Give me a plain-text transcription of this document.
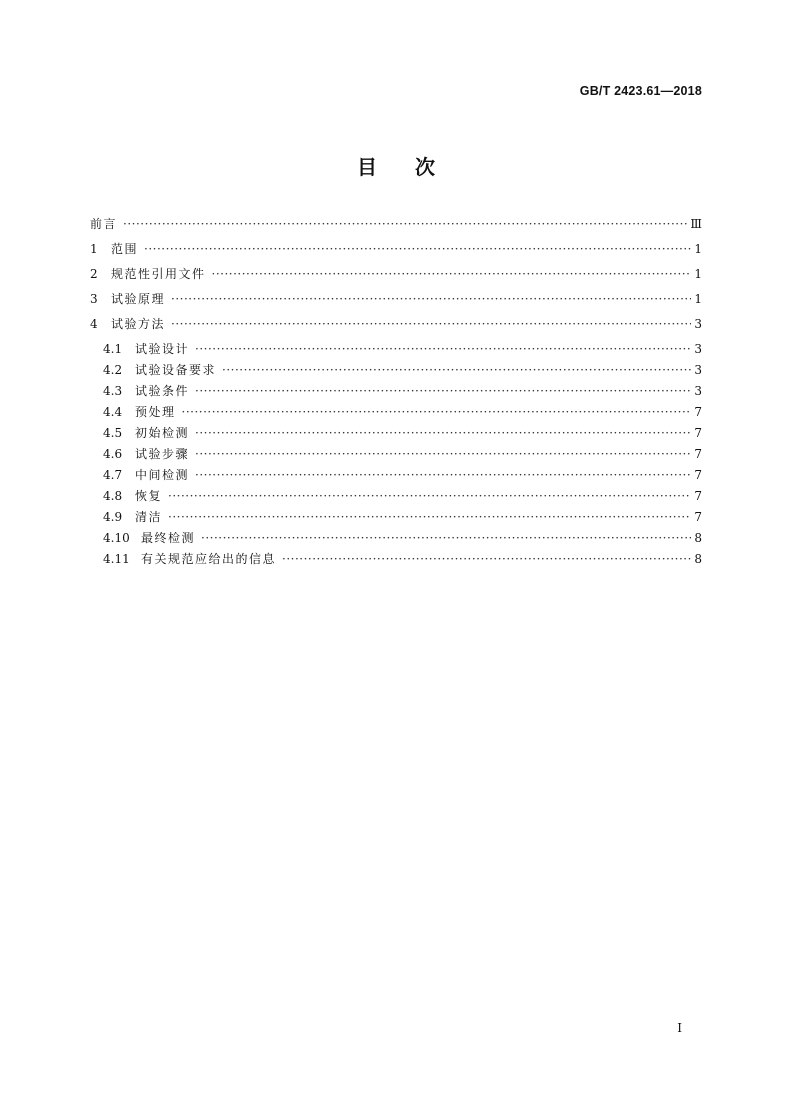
GB/T 2423.61—2018
目 次
前言 ·····	Ⅲ
1	范围 ·····	1
2	规范性引用文件 ·····	1
3	试验原理 ·····	1
4	试验方法 ·····	3
4.1	试验设计 ·····	3
4.2	试验设备要求 ·····	3
4.3	试验条件 ·····	3
4.4	预处理 ·····	7
4.5	初始检测 ·····	7
4.6	试验步骤 ·····	7
4.7	中间检测 ·····	7
4.8	恢复 ·····	7
4.9	清洁 ·····	7
4.10 最终检测 ·····	8
4.11 有关规范应给出的信息 ·····	8
I
